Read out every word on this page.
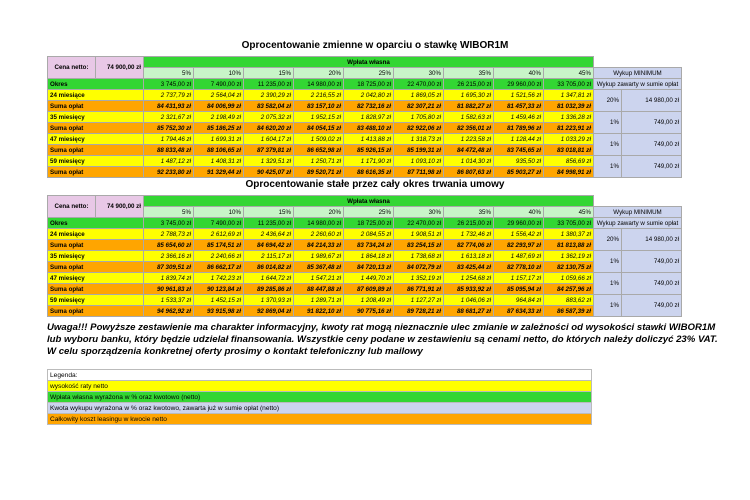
Oprocentowanie zmienne w oparciu o stawkę WIBOR1M
Cena netto:	74 900,00 zł	Wpłata własna										
		5%	10%	15%	20%	25%	30%	35%	40%	45%	Wykup MINIMUM	
Okres		3 745,00 zł	7 490,00 zł	11 235,00 zł	14 980,00 zł	18 725,00 zł	22 470,00 zł	26 215,00 zł	29 960,00 zł	33 705,00 zł	Wykup zawarty w sumie opłat	
24 miesiące		2 737,79 zł	2 564,04 zł	2 390,29 zł	2 216,55 zł	2 042,80 zł	1 869,05 zł	1 695,30 zł	1 521,56 zł	1 347,81 zł	20%	14 980,00 zł
Suma opłat		84 431,93 zł	84 006,99 zł	83 582,04 zł	83 157,10 zł	82 732,16 zł	82 307,21 zł	81 882,27 zł	81 457,33 zł	81 032,39 zł		
35 miesięcy		2 321,67 zł	2 198,49 zł	2 075,32 zł	1 952,15 zł	1 828,97 zł	1 705,80 zł	1 582,63 zł	1 459,46 zł	1 336,28 zł	1%	749,00 zł
Suma opłat		85 752,30 zł	85 186,25 zł	84 620,20 zł	84 054,15 zł	83 488,10 zł	82 922,06 zł	82 356,01 zł	81 789,96 zł	81 223,91 zł		
47 miesięcy		1 794,46 zł	1 699,31 zł	1 604,17 zł	1 509,02 zł	1 413,88 zł	1 318,73 zł	1 223,58 zł	1 128,44 zł	1 033,29 zł	1%	749,00 zł
Suma opłat		88 833,48 zł	88 106,65 zł	87 379,81 zł	86 652,98 zł	85 926,15 zł	85 199,31 zł	84 472,48 zł	83 745,65 zł	83 018,81 zł		
59 miesięcy		1 487,12 zł	1 408,31 zł	1 329,51 zł	1 250,71 zł	1 171,90 zł	1 093,10 zł	1 014,30 zł	935,50 zł	856,69 zł	1%	749,00 zł
Suma opłat		92 233,80 zł	91 329,44 zł	90 425,07 zł	89 520,71 zł	88 616,35 zł	87 711,98 zł	86 807,63 zł	85 903,27 zł	84 998,91 zł		
Oprocentowanie stałe przez cały okres trwania umowy
Cena netto:	74 900,00 zł	Wpłata własna										
		5%	10%	15%	20%	25%	30%	35%	40%	45%	Wykup MINIMUM	
Okres		3 745,00 zł	7 490,00 zł	11 235,00 zł	14 980,00 zł	18 725,00 zł	22 470,00 zł	26 215,00 zł	29 960,00 zł	33 705,00 zł	Wykup zawarty w sumie opłat	
24 miesiące		2 788,73 zł	2 612,69 zł	2 436,64 zł	2 260,60 zł	2 084,55 zł	1 908,51 zł	1 732,46 zł	1 556,42 zł	1 380,37 zł	20%	14 980,00 zł
Suma opłat		85 654,60 zł	85 174,51 zł	84 694,42 zł	84 214,33 zł	83 734,24 zł	83 254,15 zł	82 774,06 zł	82 293,97 zł	81 813,88 zł		
35 miesięcy		2 366,16 zł	2 240,66 zł	2 115,17 zł	1 989,67 zł	1 864,18 zł	1 738,68 zł	1 613,18 zł	1 487,69 zł	1 362,19 zł	1%	749,00 zł
Suma opłat		87 309,51 zł	86 662,17 zł	86 014,82 zł	85 367,48 zł	84 720,13 zł	84 072,79 zł	83 425,44 zł	82 778,10 zł	82 130,75 zł		
47 miesięcy		1 839,74 zł	1 742,23 zł	1 644,72 zł	1 547,21 zł	1 449,70 zł	1 352,19 zł	1 254,68 zł	1 157,17 zł	1 059,66 zł	1%	749,00 zł
Suma opłat		90 961,83 zł	90 123,84 zł	89 285,86 zł	88 447,88 zł	87 609,89 zł	86 771,91 zł	85 933,92 zł	85 095,94 zł	84 257,96 zł		
59 miesięcy		1 533,37 zł	1 452,15 zł	1 370,93 zł	1 289,71 zł	1 208,49 zł	1 127,27 zł	1 046,06 zł	964,84 zł	883,62 zł	1%	749,00 zł
Suma opłat		94 962,92 zł	93 915,98 zł	92 869,04 zł	91 822,10 zł	90 775,16 zł	89 728,21 zł	88 681,27 zł	87 634,33 zł	86 587,39 zł		
Uwaga!!! Powyższe zestawienie ma charakter informacyjny, kwoty rat mogą nieznacznie ulec zmianie w zależności od wysokości stawki WIBOR1M lub wyboru banku, który będzie udzielał finansowania. Wszystkie ceny podane w zestawieniu są cenami netto, do których należy doliczyć 23% VAT. W celu sporządzenia konkretnej oferty prosimy o kontakt telefoniczny lub mailowy
Legenda:
wysokość raty netto
Wpłata własna wyrażona w % oraz kwotowo (netto)
Kwota wykupu wyrażona w % oraz kwotowo, zawarta już w sumie opłat (netto)
Całkowity koszt leasingu w kwocie netto
